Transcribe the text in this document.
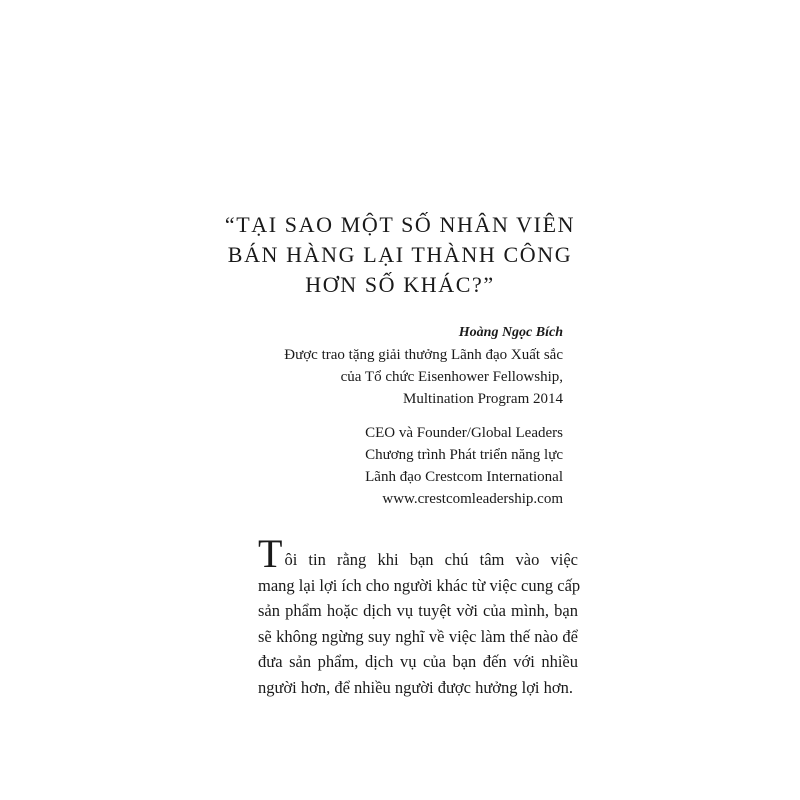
“TẠI SAO MỘT SỐ NHÂN VIÊN
BÁN HÀNG LẠI THÀNH CÔNG
HƠN SỐ KHÁC?”
Hoàng Ngọc Bích
Được trao tặng giải thưởng Lãnh đạo Xuất sắc
của Tổ chức Eisenhower Fellowship,
Multination Program 2014
CEO và Founder/Global Leaders
Chương trình Phát triển năng lực
Lãnh đạo Crestcom International
www.crestcomleadership.com
Tôi tin rằng khi bạn chú tâm vào việc
mang lại lợi ích cho người khác từ việc cung cấp
sản phẩm hoặc dịch vụ tuyệt vời của mình, bạn
sẽ không ngừng suy nghĩ về việc làm thế nào để
đưa sản phẩm, dịch vụ của bạn đến với nhiều
người hơn, để nhiều người được hưởng lợi hơn.
